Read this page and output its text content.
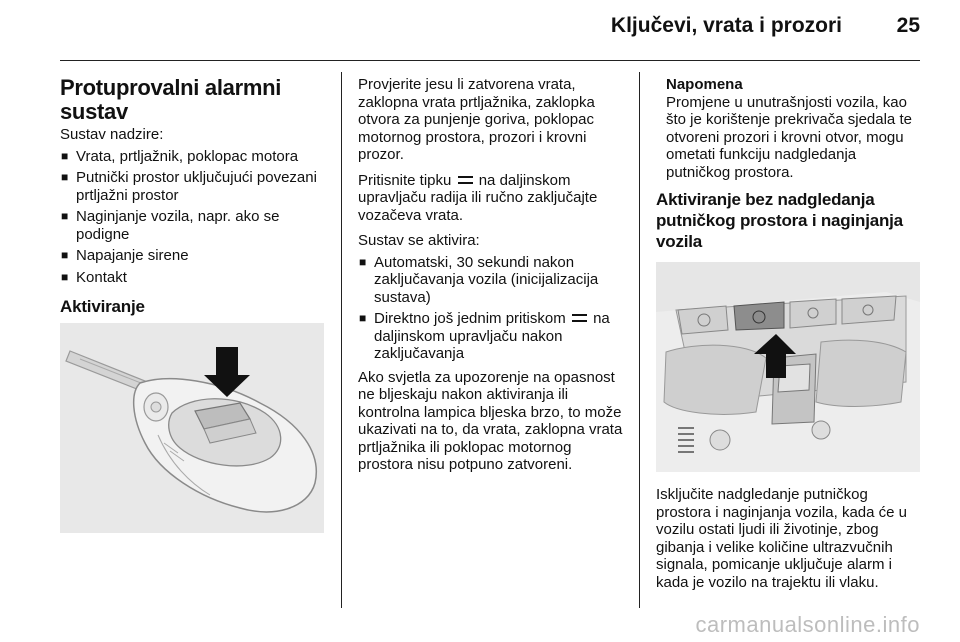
Ključevi, vrata i prozori	25
Protuprovalni alarmni sustav

Sustav nadzire:

■ Vrata, prtljažnik, poklopac motora
■ Putnički prostor uključujući povezani prtljažni prostor
■ Naginjanje vozila, napr. ako se podigne
■ Napajanje sirene
■ Kontakt
Aktiviranje

Provjerite jesu li zatvorena vrata, zaklopna vrata prtljažnika, zaklopka otvora za punjenje goriva, poklopac motornog prostora, prozori i krovni prozor.

Pritisnite tipku na daljinskom upravljaču radija ili ručno zaključajte vozačeva vrata.

Sustav se aktivira:

■ Automatski, 30 sekundi nakon zaključavanja vozila (inicijalizacija sustava)
■ Direktno još jednim pritiskom na daljinskom upravljaču nakon zaključavanja

Ako svjetla za upozorenje na opasnost ne bljeskaju nakon aktiviranja ili kontrolna lampica bljeska brzo, to može ukazivati na to, da vrata, zaklopna vrata prtljažnika ili poklopac motornog prostora nisu potpuno zatvoreni.

Napomena
Promjene u unutrašnjosti vozila, kao što je korištenje prekrivača sjedala te otvoreni prozori i krovni otvor, mogu ometati funkciju nadgledanja putničkog prostora.
Aktiviranje bez nadgledanja putničkog prostora i naginjanja vozila

Isključite nadgledanje putničkog prostora i naginjanja vozila, kada će u vozilu ostati ljudi ili životinje, zbog gibanja i velike količine ultrazvučnih signala, pomicanje uključuje alarm i kada je vozilo na trajektu ili vlaku.

carmanualsonline.info
